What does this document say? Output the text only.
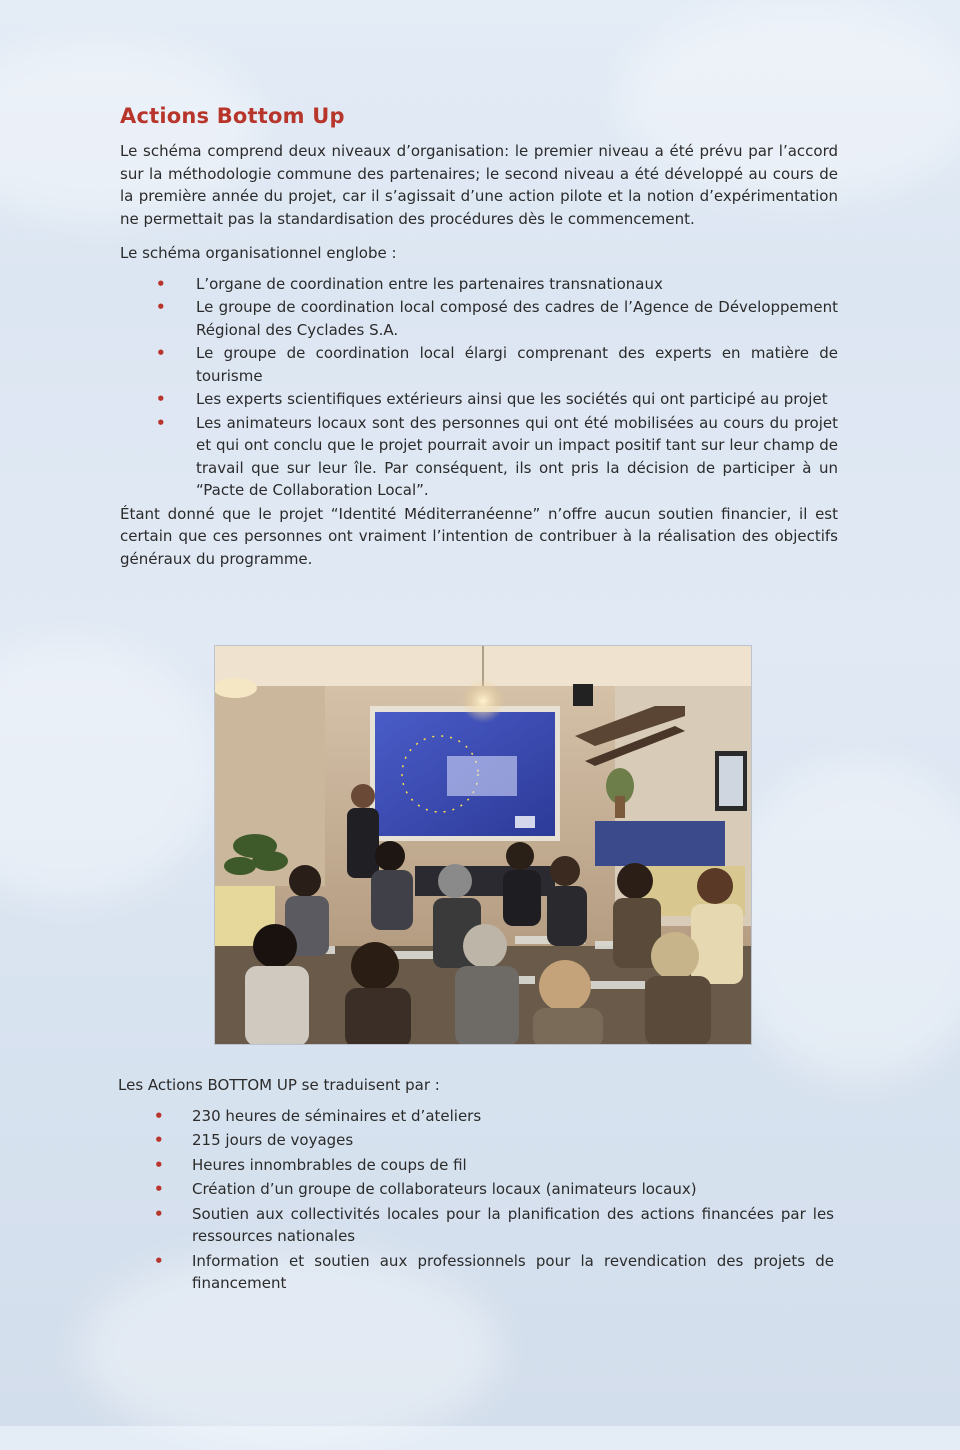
Actions Bottom Up

Le schéma comprend deux niveaux d’organisation: le premier niveau a été prévu par l’accord sur la méthodologie commune des partenaires; le second niveau a été développé au cours de la première année du projet, car il s’agissait d’une action pilote et la notion d’expérimentation ne permettait pas la standardisation des procédures dès le commencement.

Le schéma organisationnel englobe :

• L’organe de coordination entre les partenaires transnationaux
• Le groupe de coordination local composé des cadres de l’Agence de Développement Régional des Cyclades S.A.
• Le groupe de coordination local élargi comprenant des experts en matière de tourisme
• Les experts scientifiques extérieurs ainsi que les sociétés qui ont participé au projet
• Les animateurs locaux sont des personnes qui ont été mobilisées au cours du projet et qui ont conclu que le projet pourrait avoir un impact positif tant sur leur champ de travail que sur leur île. Par conséquent, ils ont pris la décision de participer à un “Pacte de Collaboration Local”.

Étant donné que le projet “Identité Méditerranéenne” n’offre aucun soutien financier, il est certain que ces personnes ont vraiment l’intention de contribuer à la réalisation des objectifs généraux du programme.

Les Actions BOTTOM UP se traduisent par :

• 230 heures de séminaires et d’ateliers
• 215 jours de voyages
• Heures innombrables de coups de fil
• Création d’un groupe de collaborateurs locaux (animateurs locaux)
• Soutien aux collectivités locales pour la planification des actions financées par les ressources nationales
• Information et soutien aux professionnels pour la revendication des projets de financement
